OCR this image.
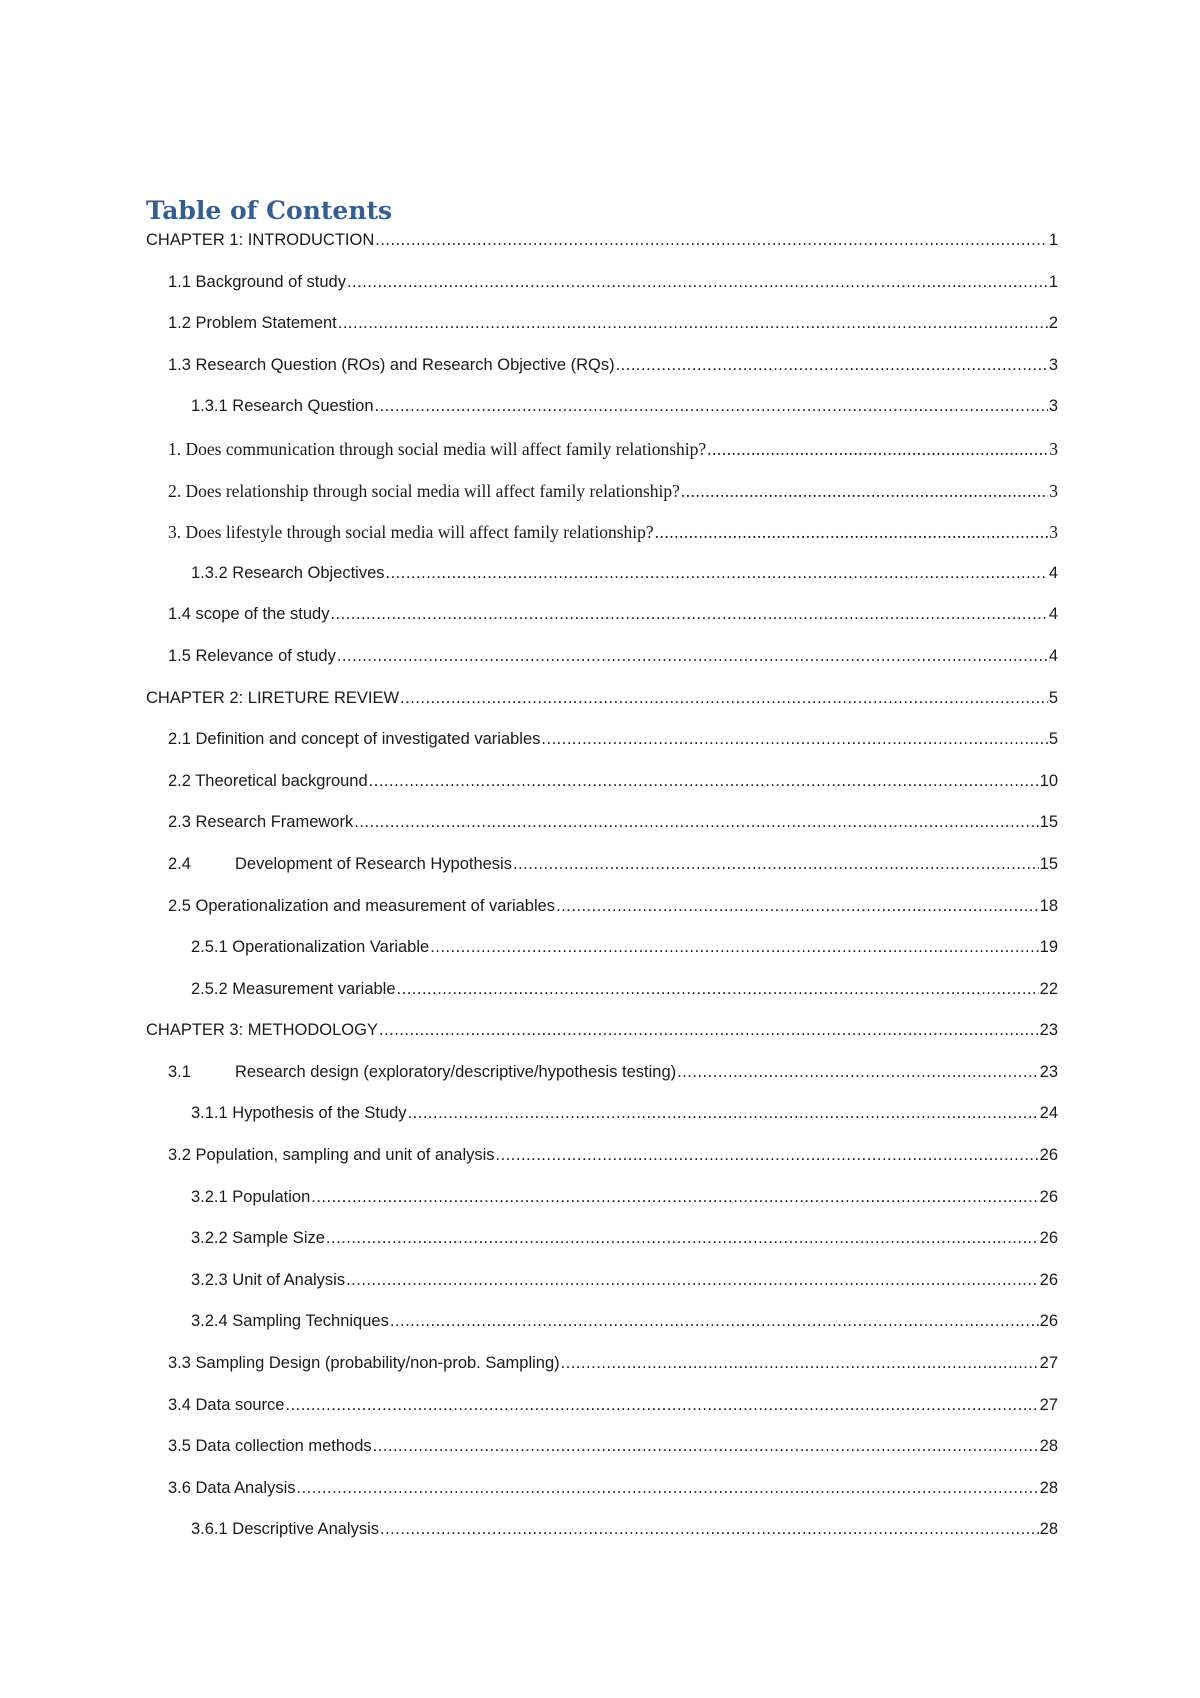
Table of Contents
CHAPTER 1: INTRODUCTION .....	1
1.1 Background of study .....	1
1.2 Problem Statement .....	2
1.3 Research Question (ROs) and Research Objective (RQs) .....	3
1.3.1 Research Question .....	3
1. Does communication through social media will affect family relationship? .....	3
2. Does relationship through social media will affect family relationship? .....	3
3. Does lifestyle through social media will affect family relationship? .....	3
1.3.2 Research Objectives .....	4
1.4 scope of the study .....	4
1.5 Relevance of study .....	4
CHAPTER 2: LIRETURE REVIEW .....	5
2.1 Definition and concept of investigated variables .....	5
2.2 Theoretical background .....	10
2.3 Research Framework .....	15
2.4	Development of Research Hypothesis .....	15
2.5 Operationalization and measurement of variables .....	18
2.5.1 Operationalization Variable .....	19
2.5.2 Measurement variable .....	22
CHAPTER 3: METHODOLOGY .....	23
3.1	Research design (exploratory/descriptive/hypothesis testing) .....	23
3.1.1 Hypothesis of the Study .....	24
3.2 Population, sampling and unit of analysis .....	26
3.2.1 Population .....	26
3.2.2 Sample Size .....	26
3.2.3 Unit of Analysis .....	26
3.2.4 Sampling Techniques .....	26
3.3 Sampling Design (probability/non-prob. Sampling) .....	27
3.4 Data source .....	27
3.5 Data collection methods .....	28
3.6 Data Analysis .....	28
3.6.1 Descriptive Analysis .....	28
